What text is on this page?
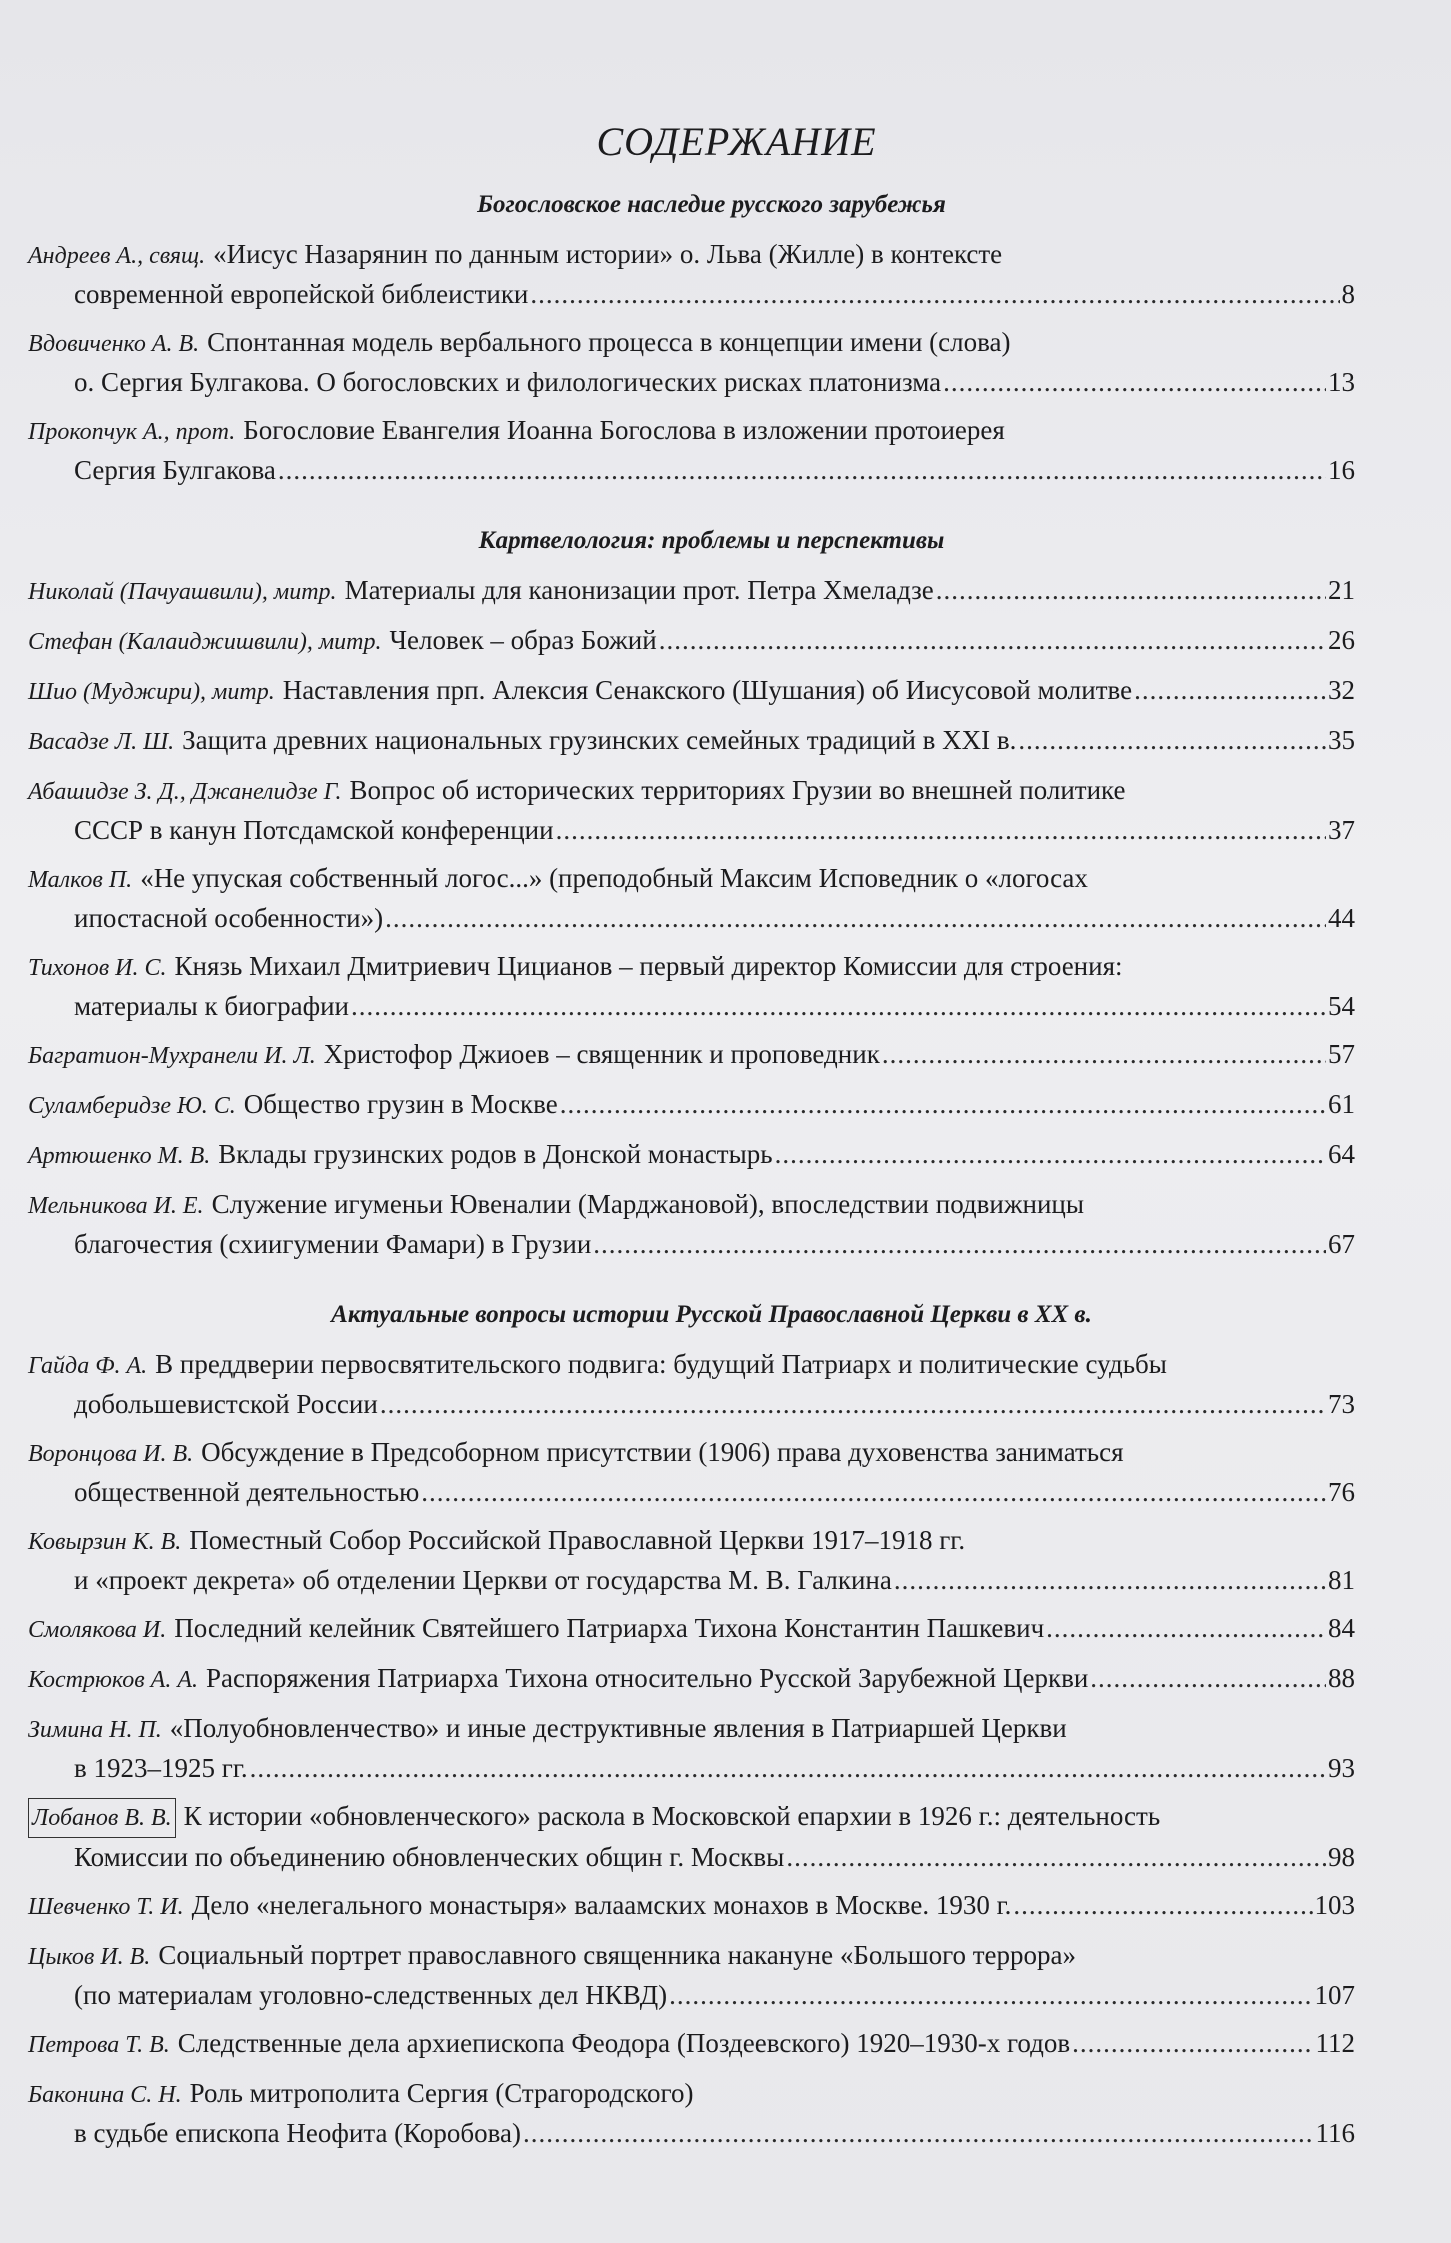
СОДЕРЖАНИЕ
Богословское наследие русского зарубежья
Андреев А., свящ. «Иисус Назарянин по данным истории» о. Льва (Жилле) в контексте
современной европейской библеистики .....	8
Вдовиченко А. В. Спонтанная модель вербального процесса в концепции имени (слова)
о. Сергия Булгакова. О богословских и филологических рисках платонизма .....	13
Прокопчук А., прот. Богословие Евангелия Иоанна Богослова в изложении протоиерея
Сергия Булгакова .....	16
Картвелология: проблемы и перспективы
Николай (Пачуашвили), митр. Материалы для канонизации прот. Петра Хмеладзе .....	21
Стефан (Калаиджишвили), митр. Человек – образ Божий .....	26
Шио (Муджири), митр. Наставления прп. Алексия Сенакского (Шушания) об Иисусовой молитве .....	32
Васадзе Л. Ш. Защита древних национальных грузинских семейных традиций в XXI в. .....	35
Абашидзе З. Д., Джанелидзе Г. Вопрос об исторических территориях Грузии во внешней политике
СССР в канун Потсдамской конференции .....	37
Малков П. «Не упуская собственный логос...» (преподобный Максим Исповедник о «логосах
ипостасной особенности») .....	44
Тихонов И. С. Князь Михаил Дмитриевич Цицианов – первый директор Комиссии для строения:
материалы к биографии .....	54
Багратион-Мухранели И. Л. Христофор Джиоев – священник и проповедник .....	57
Суламберидзе Ю. С. Общество грузин в Москве .....	61
Артюшенко М. В. Вклады грузинских родов в Донской монастырь .....	64
Мельникова И. Е. Служение игуменьи Ювеналии (Марджановой), впоследствии подвижницы
благочестия (схиигумении Фамари) в Грузии .....	67
Актуальные вопросы истории Русской Православной Церкви в XX в.
Гайда Ф. А. В преддверии первосвятительского подвига: будущий Патриарх и политические судьбы
добольшевистской России .....	73
Воронцова И. В. Обсуждение в Предсоборном присутствии (1906) права духовенства заниматься
общественной деятельностью .....	76
Ковырзин К. В. Поместный Собор Российской Православной Церкви 1917–1918 гг.
и «проект декрета» об отделении Церкви от государства М. В. Галкина .....	81
Смолякова И. Последний келейник Святейшего Патриарха Тихона Константин Пашкевич .....	84
Кострюков А. А. Распоряжения Патриарха Тихона относительно Русской Зарубежной Церкви .....	88
Зимина Н. П. «Полуобновленчество» и иные деструктивные явления в Патриаршей Церкви
в 1923–1925 гг. .....	93
Лобанов В. В. К истории «обновленческого» раскола в Московской епархии в 1926 г.: деятельность
Комиссии по объединению обновленческих общин г. Москвы .....	98
Шевченко Т. И. Дело «нелегального монастыря» валаамских монахов в Москве. 1930 г. .....	103
Цыков И. В. Социальный портрет православного священника накануне «Большого террора»
(по материалам уголовно-следственных дел НКВД) .....	107
Петрова Т. В. Следственные дела архиепископа Феодора (Поздеевского) 1920–1930-х годов .....	112
Баконина С. Н. Роль митрополита Сергия (Страгородского)
в судьбе епископа Неофита (Коробова) .....	116
